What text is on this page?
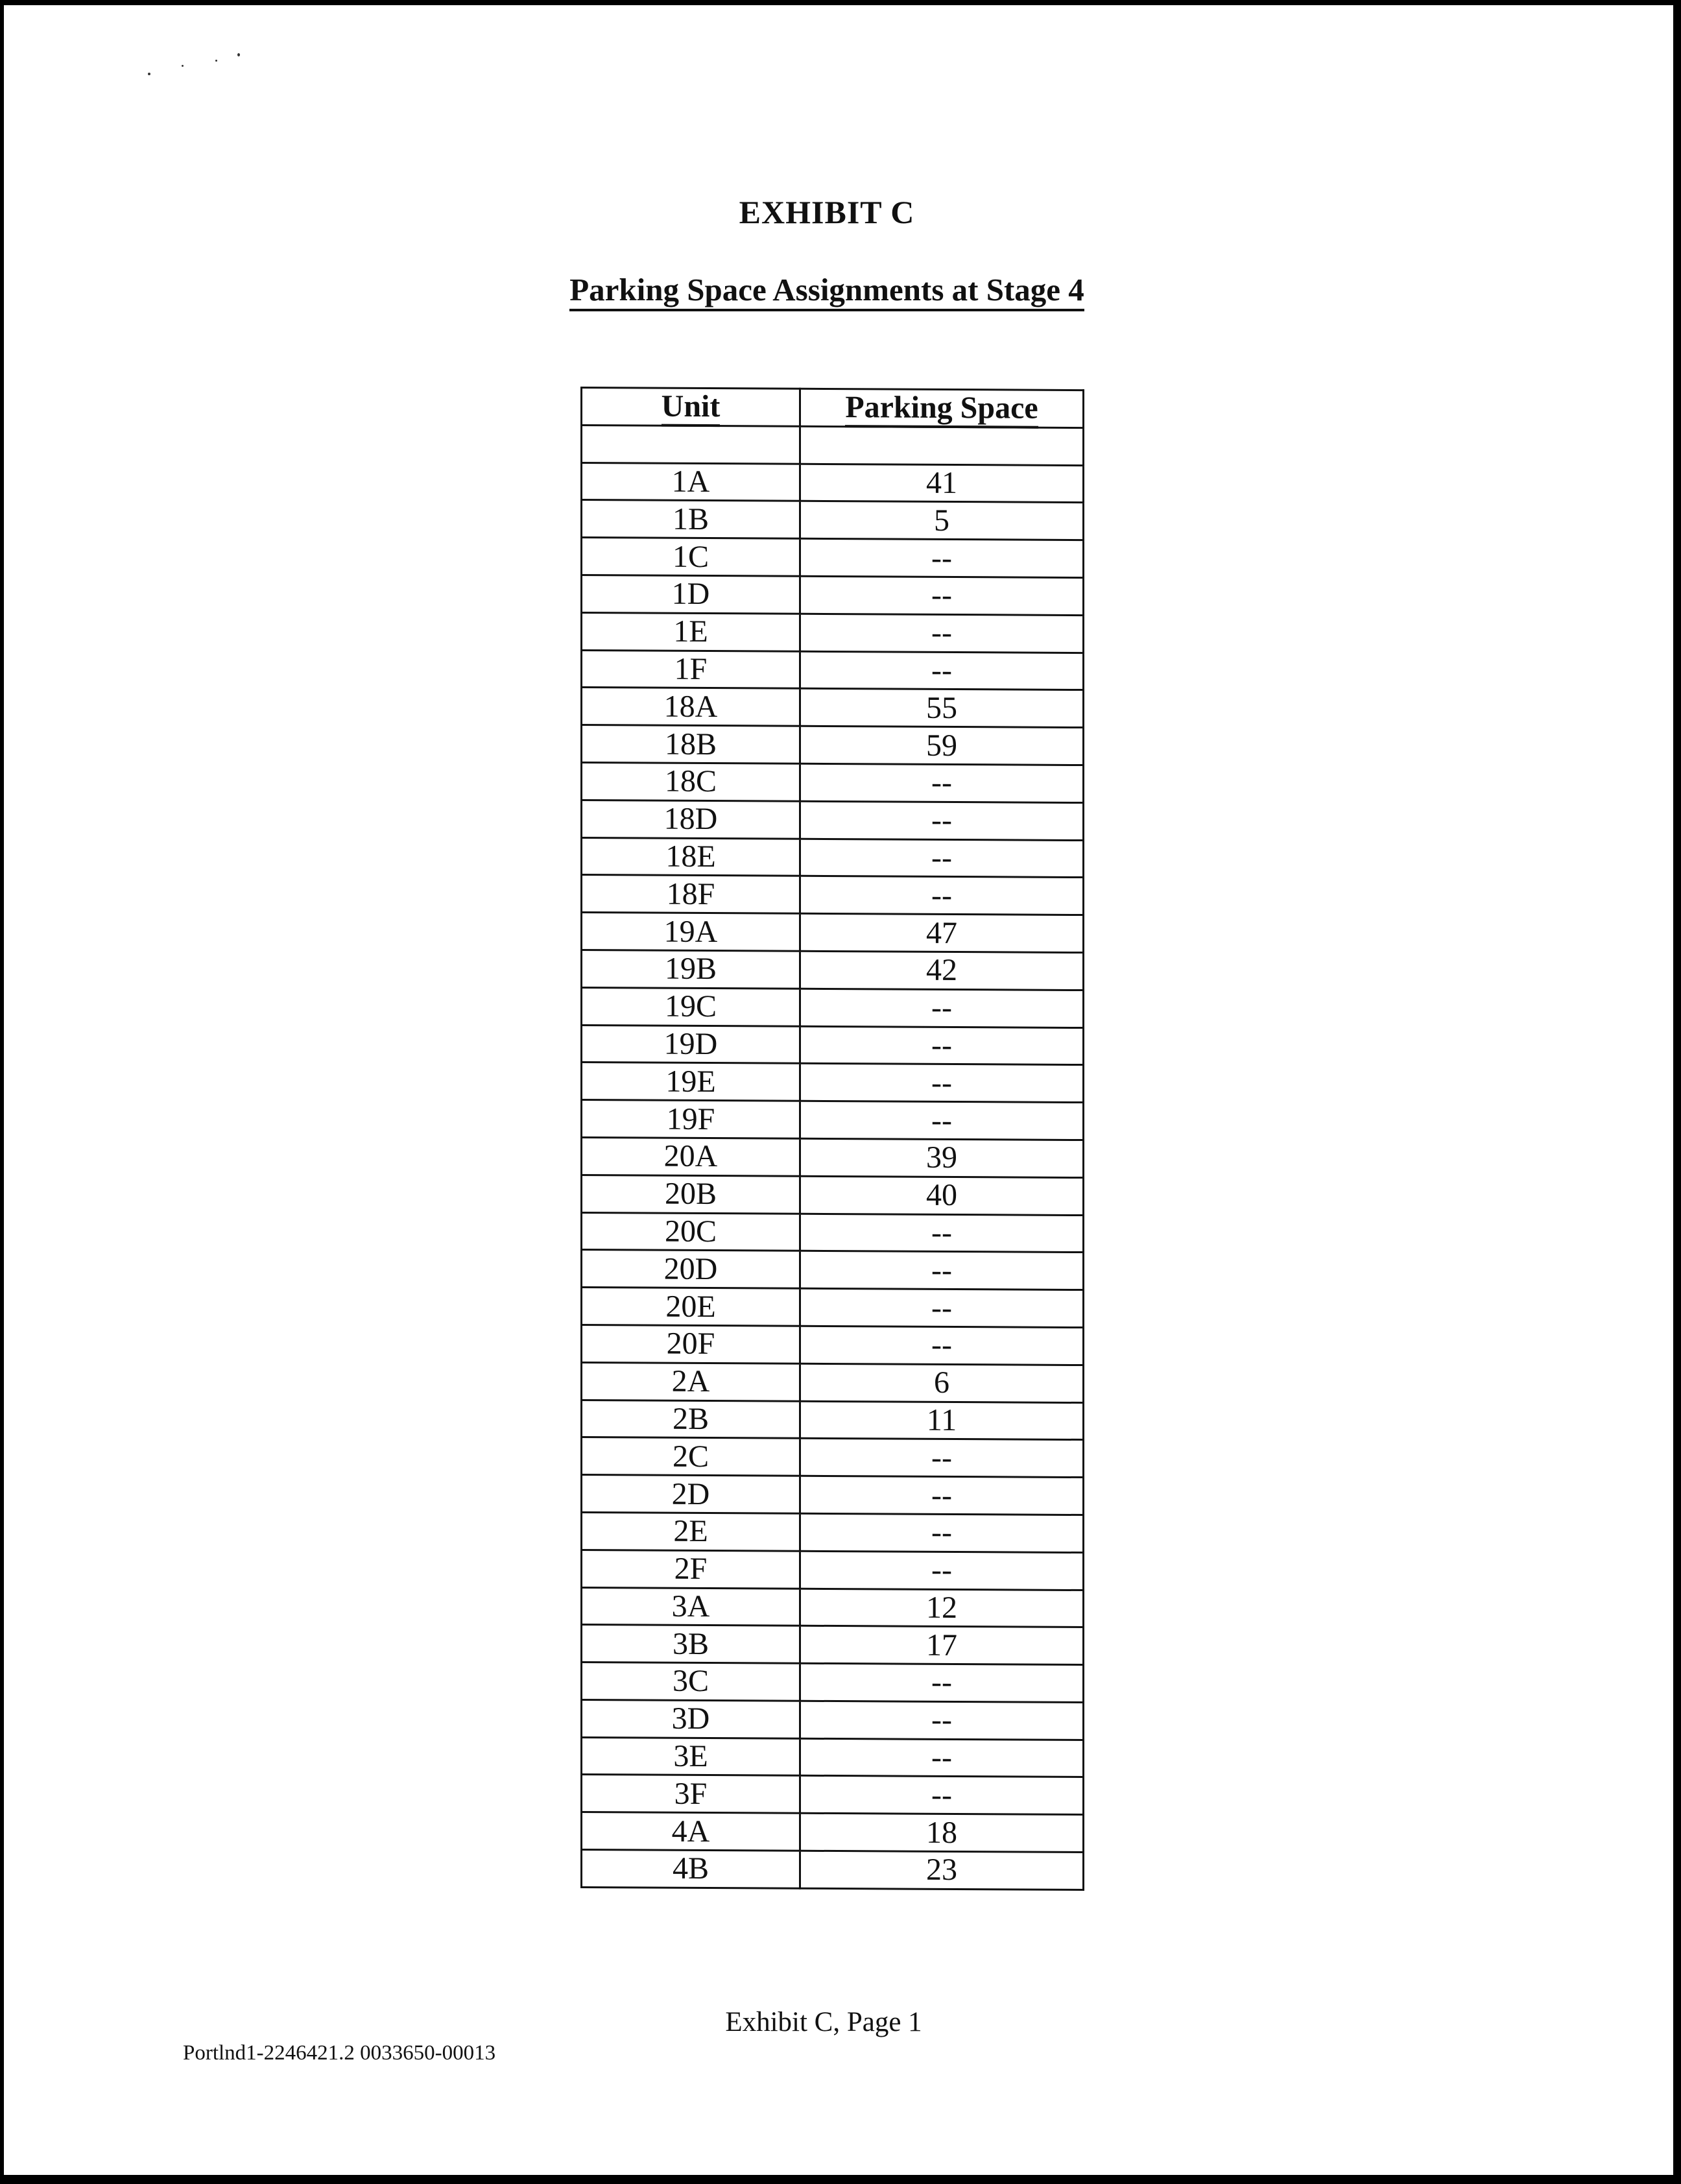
EXHIBIT C
Parking Space Assignments at Stage 4
Unit	Parking Space

1A	41
1B	5
1C	--
1D	--
1E	--
1F	--
18A	55
18B	59
18C	--
18D	--
18E	--
18F	--
19A	47
19B	42
19C	--
19D	--
19E	--
19F	--
20A	39
20B	40
20C	--
20D	--
20E	--
20F	--
2A	6
2B	11
2C	--
2D	--
2E	--
2F	--
3A	12
3B	17
3C	--
3D	--
3E	--
3F	--
4A	18
4B	23
Exhibit C, Page 1
Portlnd1-2246421.2 0033650-00013
